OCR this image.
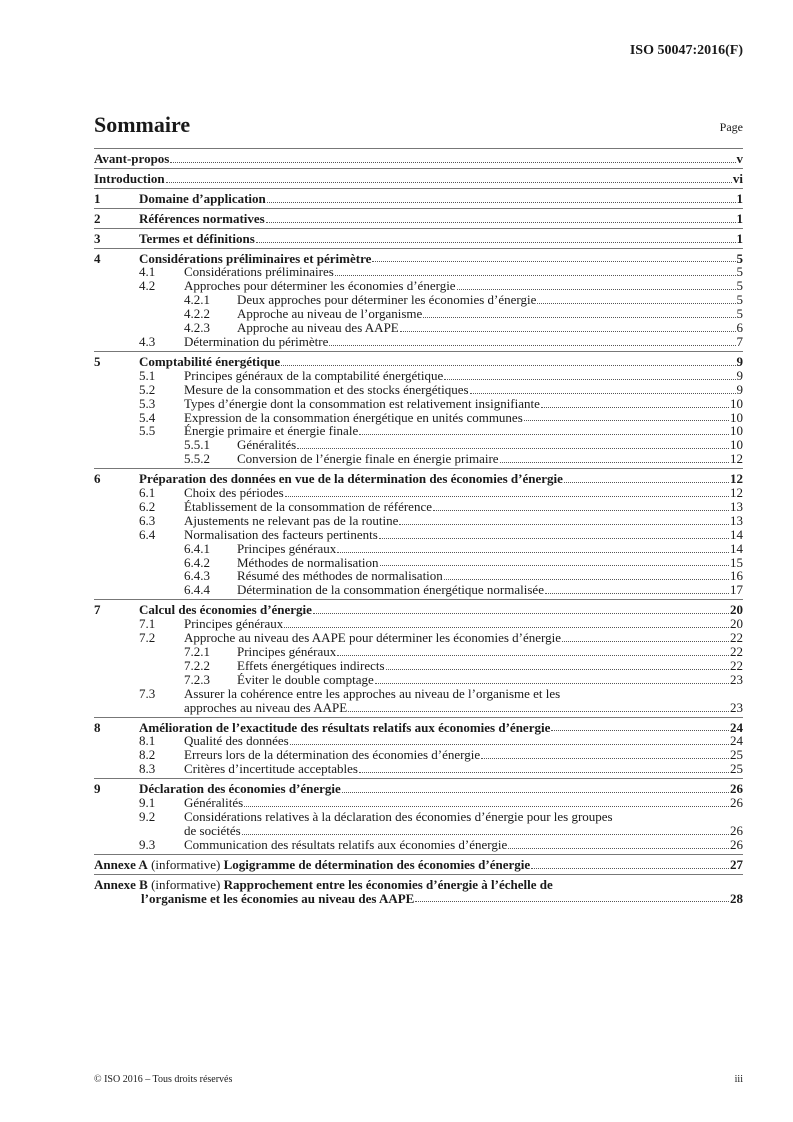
ISO 50047:2016(F)
Sommaire	Page
Avant-propos	v
Introduction	vi
1	Domaine d’application	1
2	Références normatives	1
3	Termes et définitions	1
4	Considérations préliminaires et périmètre	5
4.1	Considérations préliminaires	5
4.2	Approches pour déterminer les économies d’énergie	5
4.2.1	Deux approches pour déterminer les économies d’énergie	5
4.2.2	Approche au niveau de l’organisme	5
4.2.3	Approche au niveau des AAPE	6
4.3	Détermination du périmètre	7
5	Comptabilité énergétique	9
5.1	Principes généraux de la comptabilité énergétique	9
5.2	Mesure de la consommation et des stocks énergétiques	9
5.3	Types d’énergie dont la consommation est relativement insignifiante	10
5.4	Expression de la consommation énergétique en unités communes	10
5.5	Énergie primaire et énergie finale	10
5.5.1	Généralités	10
5.5.2	Conversion de l’énergie finale en énergie primaire	12
6	Préparation des données en vue de la détermination des économies d’énergie	12
6.1	Choix des périodes	12
6.2	Établissement de la consommation de référence	13
6.3	Ajustements ne relevant pas de la routine	13
6.4	Normalisation des facteurs pertinents	14
6.4.1	Principes généraux	14
6.4.2	Méthodes de normalisation	15
6.4.3	Résumé des méthodes de normalisation	16
6.4.4	Détermination de la consommation énergétique normalisée	17
7	Calcul des économies d’énergie	20
7.1	Principes généraux	20
7.2	Approche au niveau des AAPE pour déterminer les économies d’énergie	22
7.2.1	Principes généraux	22
7.2.2	Effets énergétiques indirects	22
7.2.3	Éviter le double comptage	23
7.3	Assurer la cohérence entre les approches au niveau de l’organisme et les
approches au niveau des AAPE	23
8	Amélioration de l’exactitude des résultats relatifs aux économies d’énergie	24
8.1	Qualité des données	24
8.2	Erreurs lors de la détermination des économies d’énergie	25
8.3	Critères d’incertitude acceptables	25
9	Déclaration des économies d’énergie	26
9.1	Généralités	26
9.2	Considérations relatives à la déclaration des économies d’énergie pour les groupes
de sociétés	26
9.3	Communication des résultats relatifs aux économies d’énergie	26
Annexe A (informative) Logigramme de détermination des économies d’énergie	27
Annexe B (informative) Rapprochement entre les économies d’énergie à l’échelle de
l’organisme et les économies au niveau des AAPE	28
© ISO 2016 – Tous droits réservés	iii
